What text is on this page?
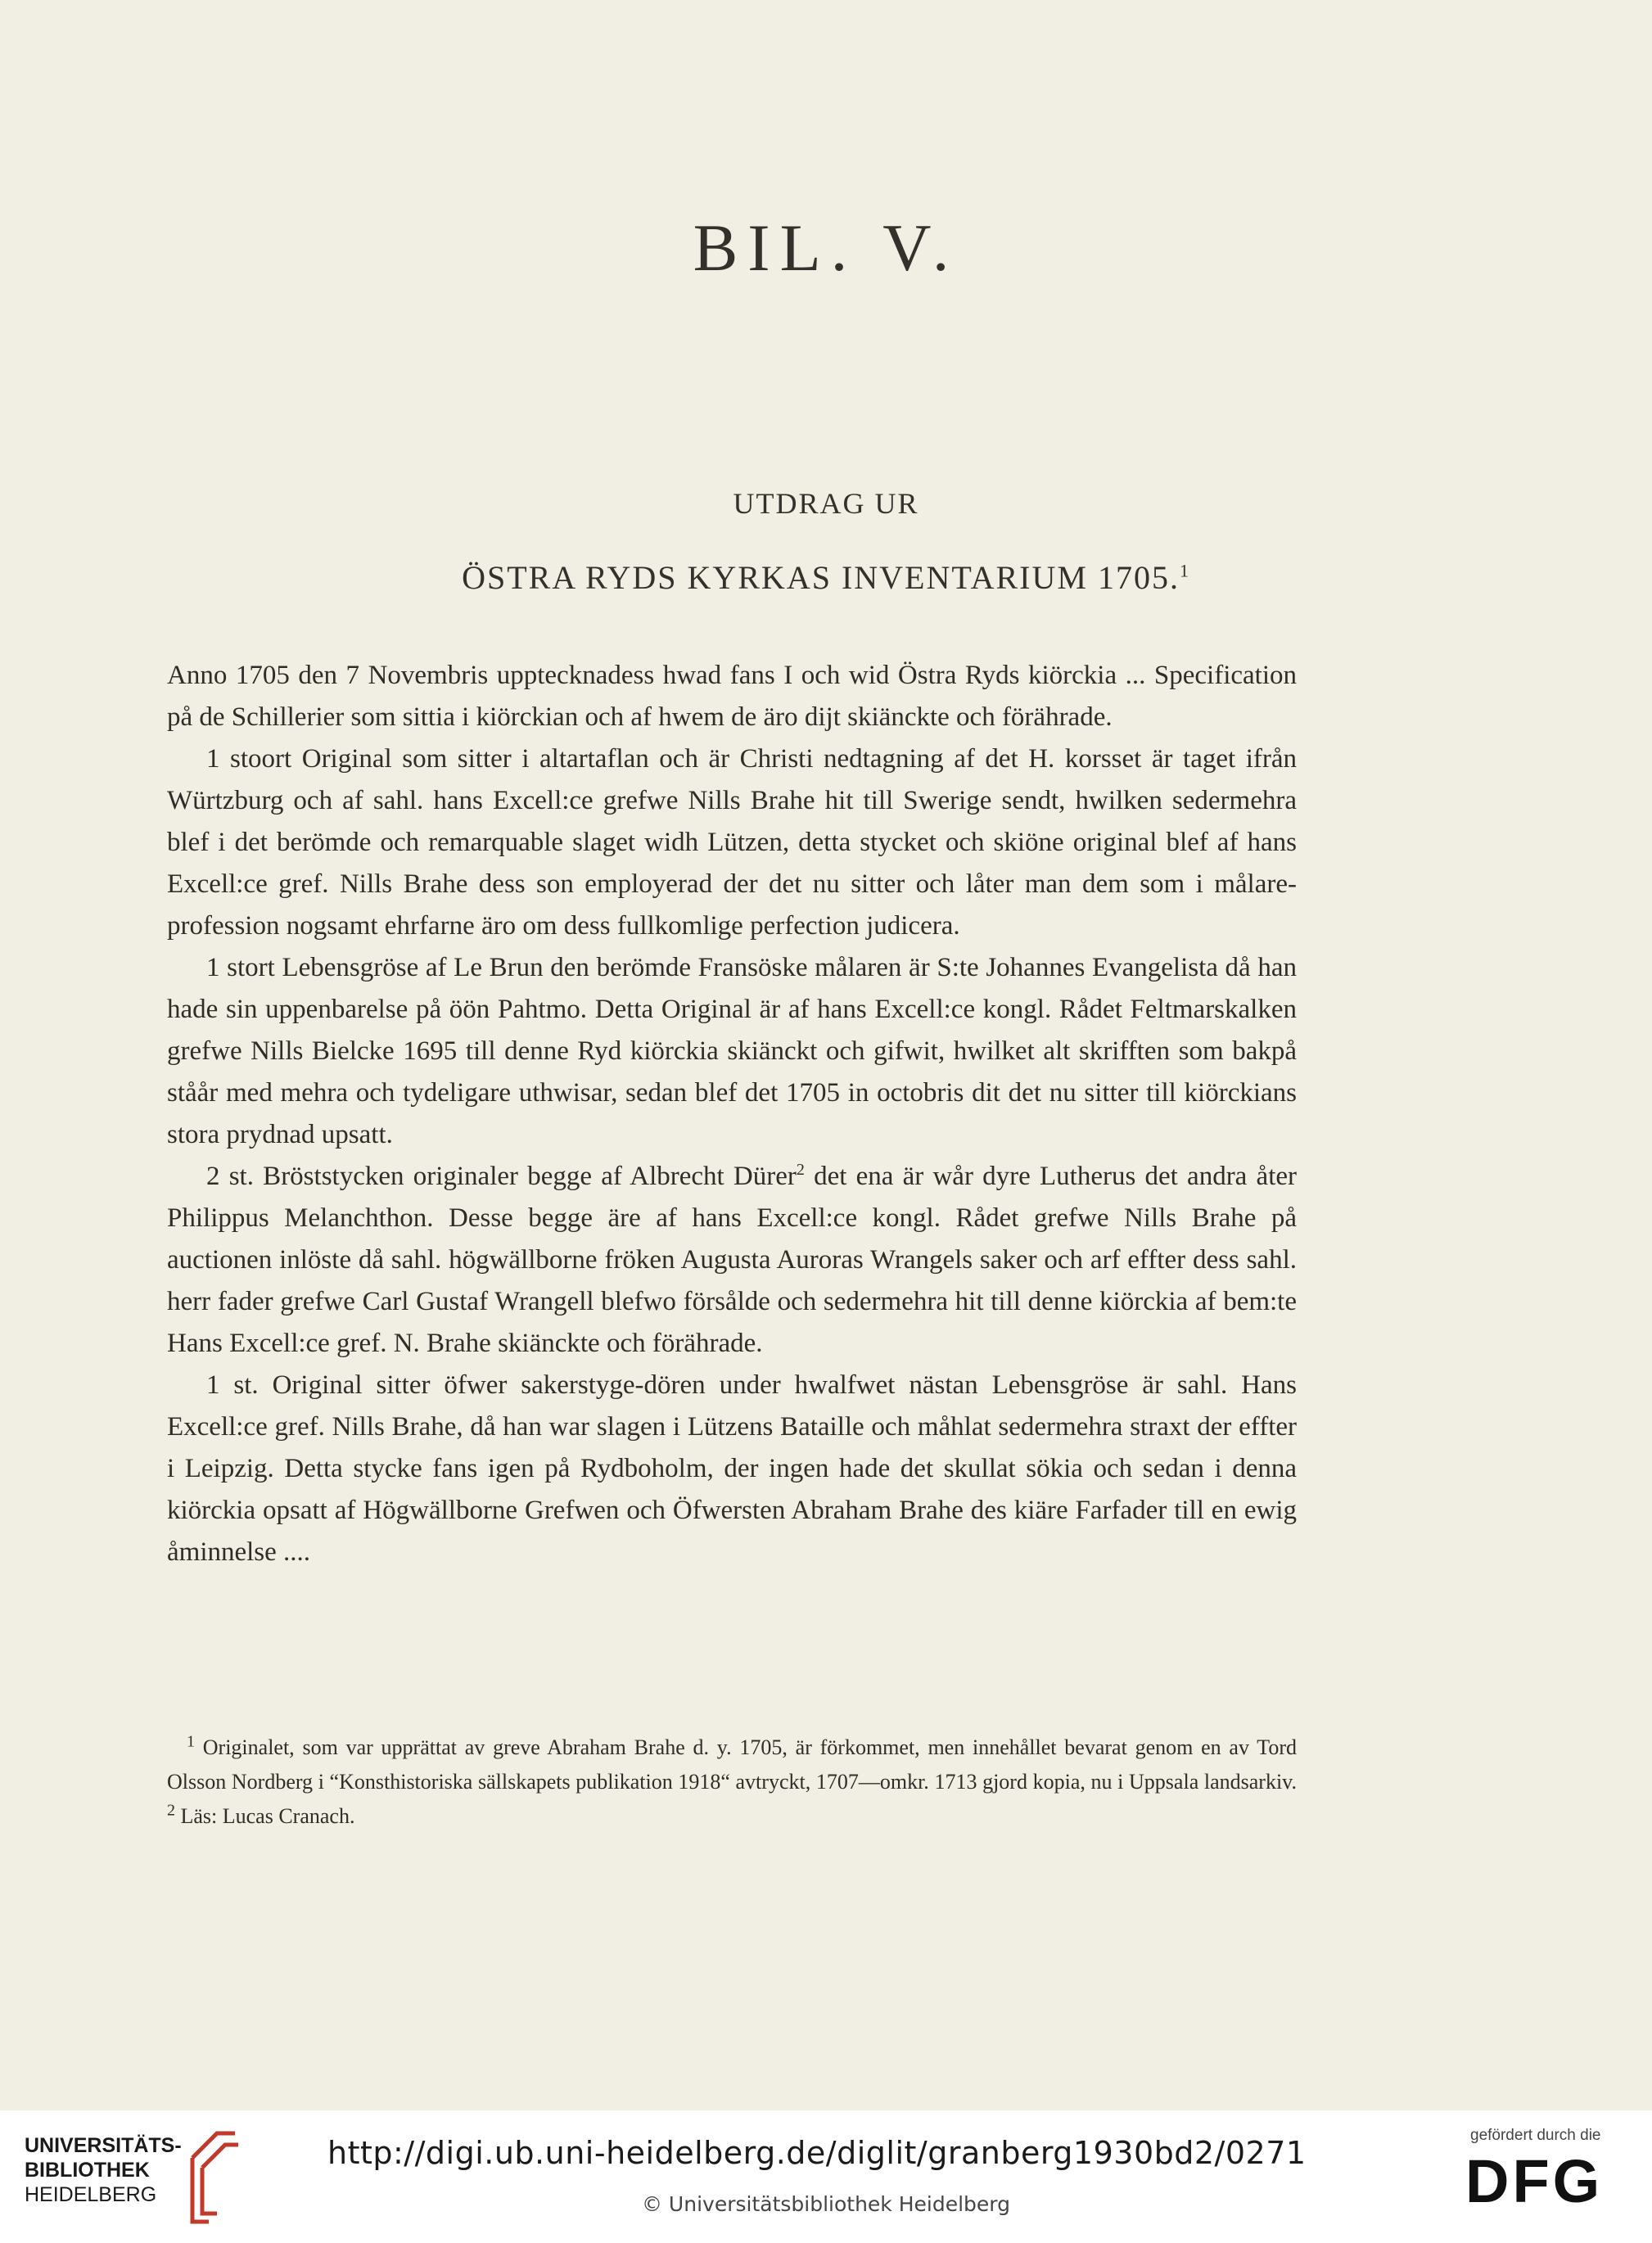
BIL. V.
UTDRAG UR
ÖSTRA RYDS KYRKAS INVENTARIUM 1705.$^1$

Anno 1705 den 7 Novembris upptecknadess hwad fans I och wid Östra Ryds kiörckia ... Specification på de Schillerier som sittia i kiörckian och af hwem de äro dijt skiänckte och förährade.

1 stoort Original som sitter i altartaflan och är Christi nedtagning af det H. korsset är taget ifrån Würtzburg och af sahl. hans Excell:ce grefwe Nills Brahe hit till Swerige sendt, hwilken sedermehra blef i det berömde och remarquable slaget widh Lützen, detta stycket och skiöne original blef af hans Excell:ce gref. Nills Brahe dess son employerad der det nu sitter och låter man dem som i målare-profession nogsamt ehrfarne äro om dess fullkomlige perfection judicera.

1 stort Lebensgröse af Le Brun den berömde Fransöske målaren är S:te Johannes Evangelista då han hade sin uppenbarelse på öön Pahtmo. Detta Original är af hans Excell:ce kongl. Rådet Feltmarskalken grefwe Nills Bielcke 1695 till denne Ryd kiörckia skiänckt och gifwit, hwilket alt skrifften som bakpå ståår med mehra och tydeligare uthwisar, sedan blef det 1705 in octobris dit det nu sitter till kiörckians stora prydnad upsatt.

2 st. Bröststycken originaler begge af Albrecht Dürer$^2$ det ena är wår dyre Lutherus det andra åter Philippus Melanchthon. Desse begge äre af hans Excell:ce kongl. Rådet grefwe Nills Brahe på auctionen inlöste då sahl. högwällborne fröken Augusta Auroras Wrangels saker och arf effter dess sahl. herr fader grefwe Carl Gustaf Wrangell blefwo försålde och sedermehra hit till denne kiörckia af bem:te Hans Excell:ce gref. N. Brahe skiänckte och förährade.

1 st. Original sitter öfwer sakerstyge-dören under hwalfwet nästan Lebensgröse är sahl. Hans Excell:ce gref. Nills Brahe, då han war slagen i Lützens Bataille och måhlat sedermehra straxt der effter i Leipzig. Detta stycke fans igen på Rydboholm, der ingen hade det skullat sökia och sedan i denna kiörckia opsatt af Högwällborne Grefwen och Öfwersten Abraham Brahe des kiäre Farfader till en ewig åminnelse ....

$^1$ Originalet, som var upprättat av greve Abraham Brahe d. y. 1705, är förkommet, men innehållet bevarat genom en av Tord Olsson Nordberg i “Konsthistoriska sällskapets publikation 1918“ avtryckt, 1707—omkr. 1713 gjord kopia, nu i Uppsala landsarkiv. $^2$ Läs: Lucas Cranach.
UNIVERSITÄTS-
BIBLIOTHEK
HEIDELBERG
http://digi.ub.uni-heidelberg.de/diglit/granberg1930bd2/0271
© Universitätsbibliothek Heidelberg
gefördert durch die
DFG
